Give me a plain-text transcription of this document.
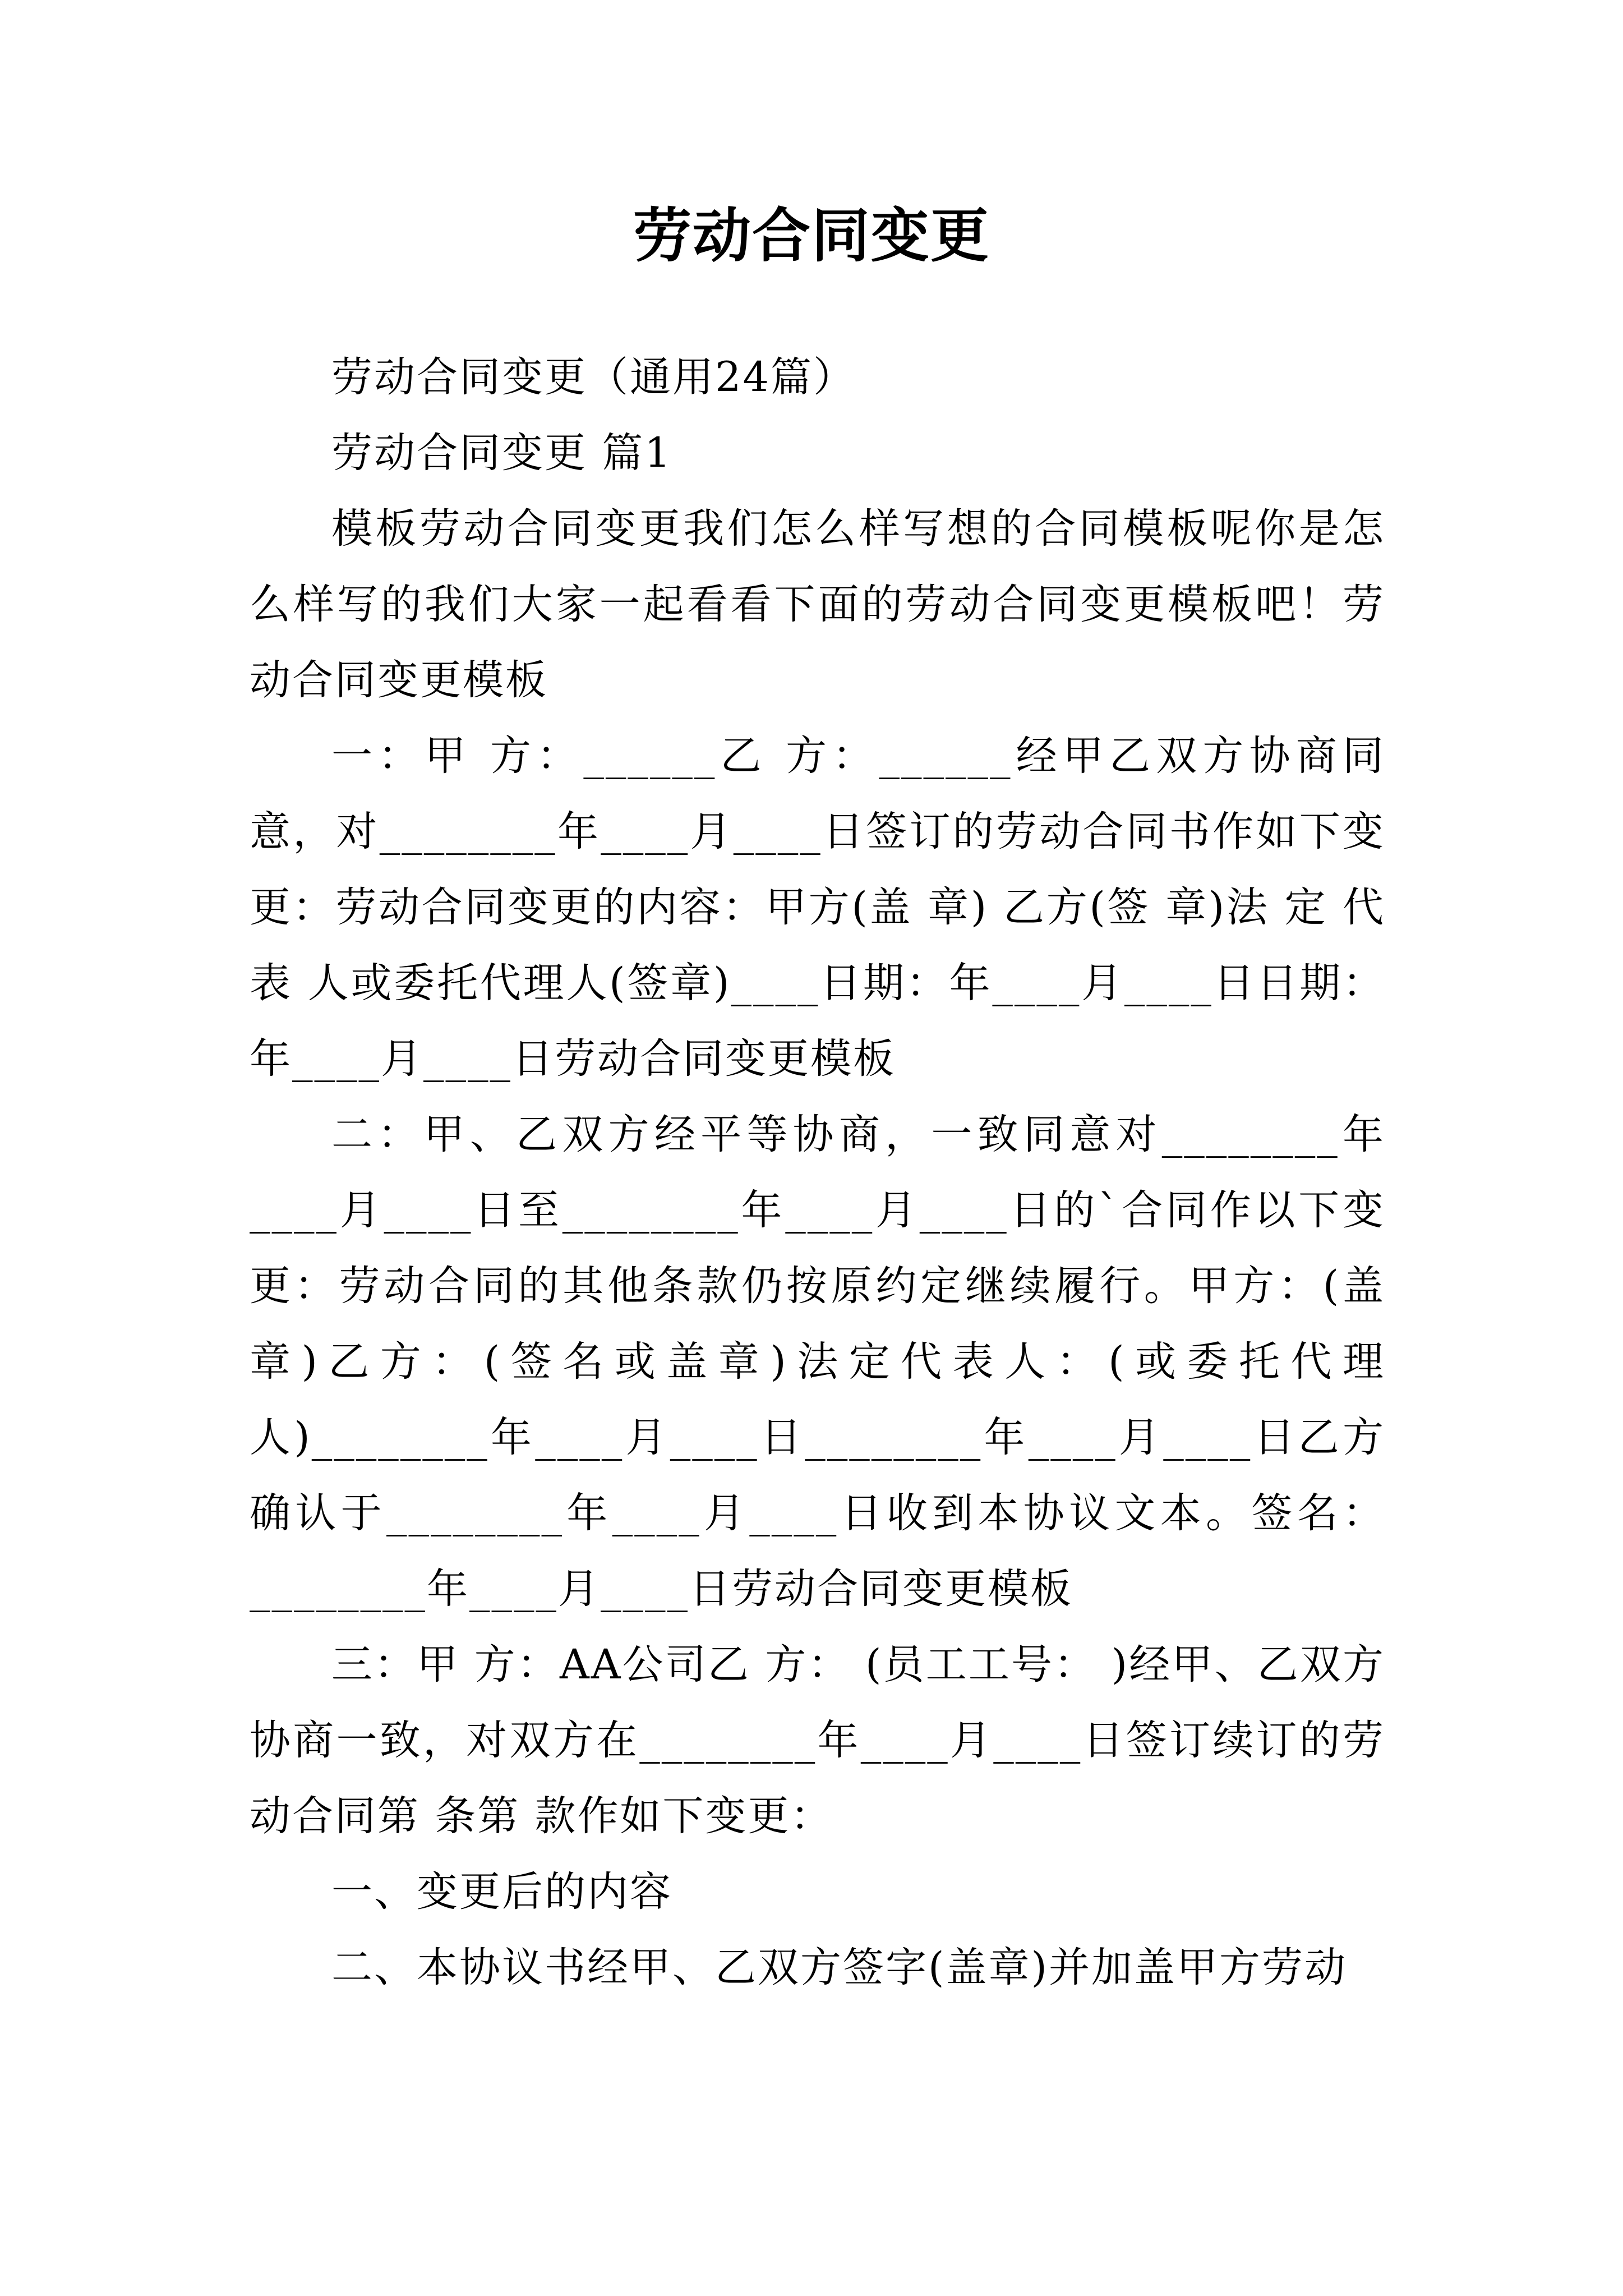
劳动合同变更

劳动合同变更（通用24篇）

劳动合同变更 篇1

模板劳动合同变更我们怎么样写想的合同模板呢你是怎么样写的我们大家一起看看下面的劳动合同变更模板吧！劳动合同变更模板

一：甲 方：______乙 方：______经甲乙双方协商同意，对________年____月____日签订的劳动合同书作如下变更：劳动合同变更的内容：甲方(盖 章) 乙方(签 章)法 定 代 表 人或委托代理人(签章)____日期：年____月____日日期：年____月____日劳动合同变更模板

二：甲、乙双方经平等协商，一致同意对________年____月____日至________年____月____日的`合同作以下变更：劳动合同的其他条款仍按原约定继续履行。甲方：(盖章)乙方：(签名或盖章)法定代表人：(或委托代理人)________年____月____日________年____月____日乙方确认于________年____月____日收到本协议文本。签名：________年____月____日劳动合同变更模板

三：甲 方：AA公司乙 方： (员工工号： )经甲、乙双方协商一致，对双方在________年____月____日签订续订的劳动合同第 条第 款作如下变更：

一、变更后的内容

二、本协议书经甲、乙双方签字(盖章)并加盖甲方劳动
